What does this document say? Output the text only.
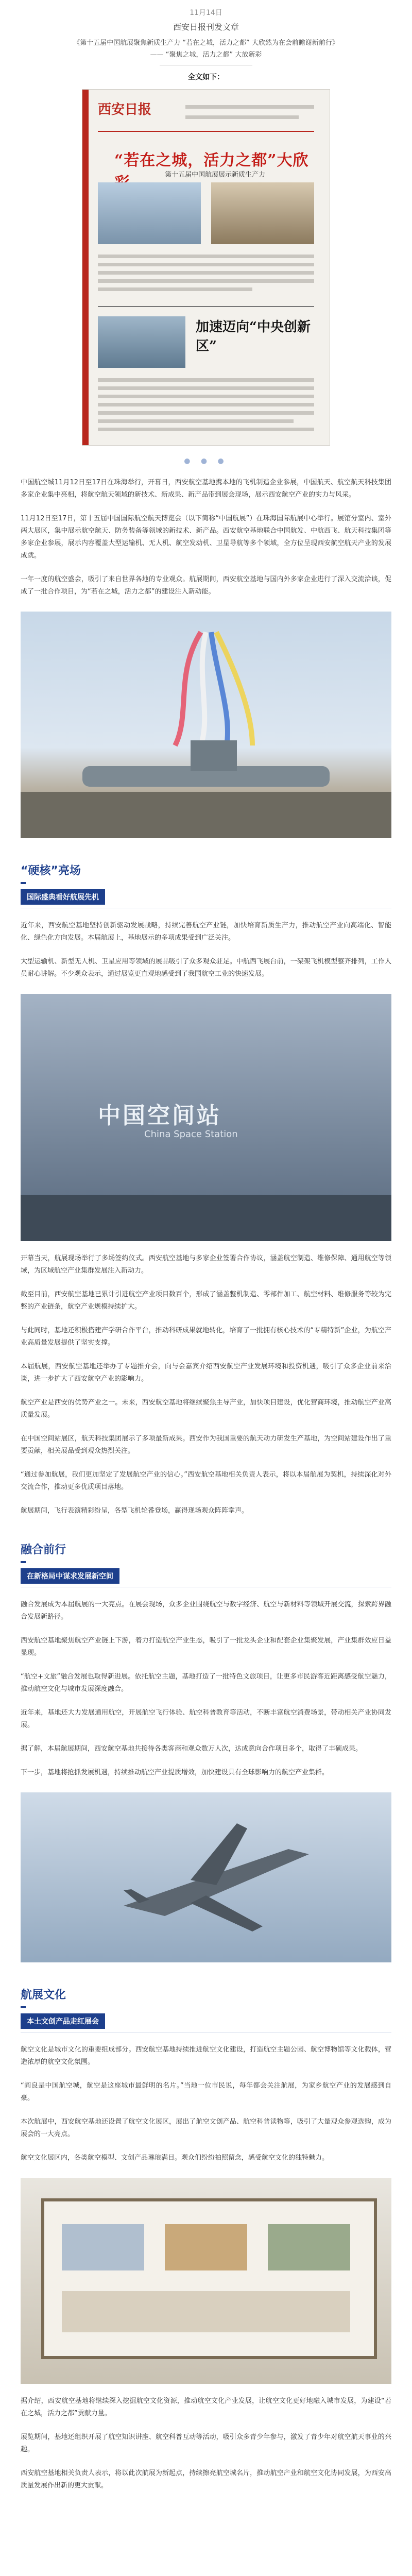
11月14日
西安日报刊发文章
《第十五届中国航展聚焦新质生产力 “若在之城，活力之都” 大欣然为在会前瞻谢新前行》
—— “聚焦之城，活力之都” 大放新彩
全文如下：
西安日报
“若在之城，活力之都”大欣
第十五届中国航展展示新质生产力
加速迈向“中央创新区”
● ● ●

中国航空城11月12日至17日在珠海举行，开幕日，西安航空基地携本地的飞机制造企业参展，中国航天、航空航天科技集团多家企业集中亮相，将航空航天领域的新技术、新成果、新产品带到展会现场，展示西安航空产业的实力与风采。

11月12日至17日，第十五届中国国际航空航天博览会（以下简称“中国航展”）在珠海国际航展中心举行。展馆分室内、室外两大展区，集中展示航空航天、防务装备等领域的新技术、新产品。西安航空基地联合中国航发、中航西飞、航天科技集团等多家企业参展，展示内容覆盖大型运输机、无人机、航空发动机、卫星导航等多个领域，全方位呈现西安航空航天产业的发展成就。

一年一度的航空盛会，吸引了来自世界各地的专业观众。航展期间，西安航空基地与国内外多家企业进行了深入交流洽谈，促成了一批合作项目，为“若在之城，活力之都”的建设注入新动能。

“硬核”亮场
国际盛典看好航展先机

近年来，西安航空基地坚持创新驱动发展战略，持续完善航空产业链，加快培育新质生产力，推动航空产业向高端化、智能化、绿色化方向发展。本届航展上，基地展示的多项成果受到广泛关注。

大型运输机、新型无人机、卫星应用等领域的展品吸引了众多观众驻足。中航西飞展台前，一架架飞机模型整齐排列，工作人员耐心讲解。不少观众表示，通过展览更直观地感受到了我国航空工业的快速发展。

中国空间站
China Space Station

开幕当天，航展现场举行了多场签约仪式。西安航空基地与多家企业签署合作协议，涵盖航空制造、维修保障、通用航空等领域，为区域航空产业集群发展注入新动力。

截至目前，西安航空基地已累计引进航空产业项目数百个，形成了涵盖整机制造、零部件加工、航空材料、维修服务等较为完整的产业链条，航空产业规模持续扩大。

与此同时，基地还积极搭建产学研合作平台，推动科研成果就地转化，培育了一批拥有核心技术的“专精特新”企业，为航空产业高质量发展提供了坚实支撑。

本届航展，西安航空基地还举办了专题推介会，向与会嘉宾介绍西安航空产业发展环境和投资机遇，吸引了众多企业前来洽谈，进一步扩大了西安航空产业的影响力。

航空产业是西安的优势产业之一。未来，西安航空基地将继续聚焦主导产业，加快项目建设，优化营商环境，推动航空产业高质量发展。

在中国空间站展区，航天科技集团展示了多项最新成果。西安作为我国重要的航天动力研发生产基地，为空间站建设作出了重要贡献，相关展品受到观众热烈关注。

“通过参加航展，我们更加坚定了发展航空产业的信心。”西安航空基地相关负责人表示，将以本届航展为契机，持续深化对外交流合作，推动更多优质项目落地。

航展期间，飞行表演精彩纷呈，各型飞机轮番登场，赢得现场观众阵阵掌声。

融合前行
在新格局中谋求发展新空间

融合发展成为本届航展的一大亮点。在展会现场，众多企业围绕航空与数字经济、航空与新材料等领域开展交流，探索跨界融合发展新路径。

西安航空基地聚焦航空产业链上下游，着力打造航空产业生态，吸引了一批龙头企业和配套企业集聚发展，产业集群效应日益显现。

“航空+文旅”融合发展也取得新进展。依托航空主题，基地打造了一批特色文旅项目，让更多市民游客近距离感受航空魅力，推动航空文化与城市发展深度融合。

近年来，基地还大力发展通用航空，开展航空飞行体验、航空科普教育等活动，不断丰富航空消费场景，带动相关产业协同发展。

据了解，本届航展期间，西安航空基地共接待各类客商和观众数万人次，达成意向合作项目多个，取得了丰硕成果。

下一步，基地将抢抓发展机遇，持续推动航空产业提质增效，加快建设具有全球影响力的航空产业集群。

航展文化
本土文创产品走红展会

航空文化是城市文化的重要组成部分。西安航空基地持续推进航空文化建设，打造航空主题公园、航空博物馆等文化载体，营造浓厚的航空文化氛围。

“阎良是中国航空城，航空是这座城市最鲜明的名片。”当地一位市民说，每年都会关注航展，为家乡航空产业的发展感到自豪。

本次航展中，西安航空基地还设置了航空文化展区，展出了航空文创产品、航空科普读物等，吸引了大量观众参观选购，成为展会的一大亮点。

航空文化展区内，各类航空模型、文创产品琳琅满目。观众们纷纷拍照留念，感受航空文化的独特魅力。

据介绍，西安航空基地将继续深入挖掘航空文化资源，推动航空文化产业发展，让航空文化更好地融入城市发展，为建设“若在之城，活力之都”贡献力量。

展览期间，基地还组织开展了航空知识讲座、航空科普互动等活动，吸引众多青少年参与，激发了青少年对航空航天事业的兴趣。

西安航空基地相关负责人表示，将以此次航展为新起点，持续擦亮航空城名片，推动航空产业和航空文化协同发展，为西安高质量发展作出新的更大贡献。
